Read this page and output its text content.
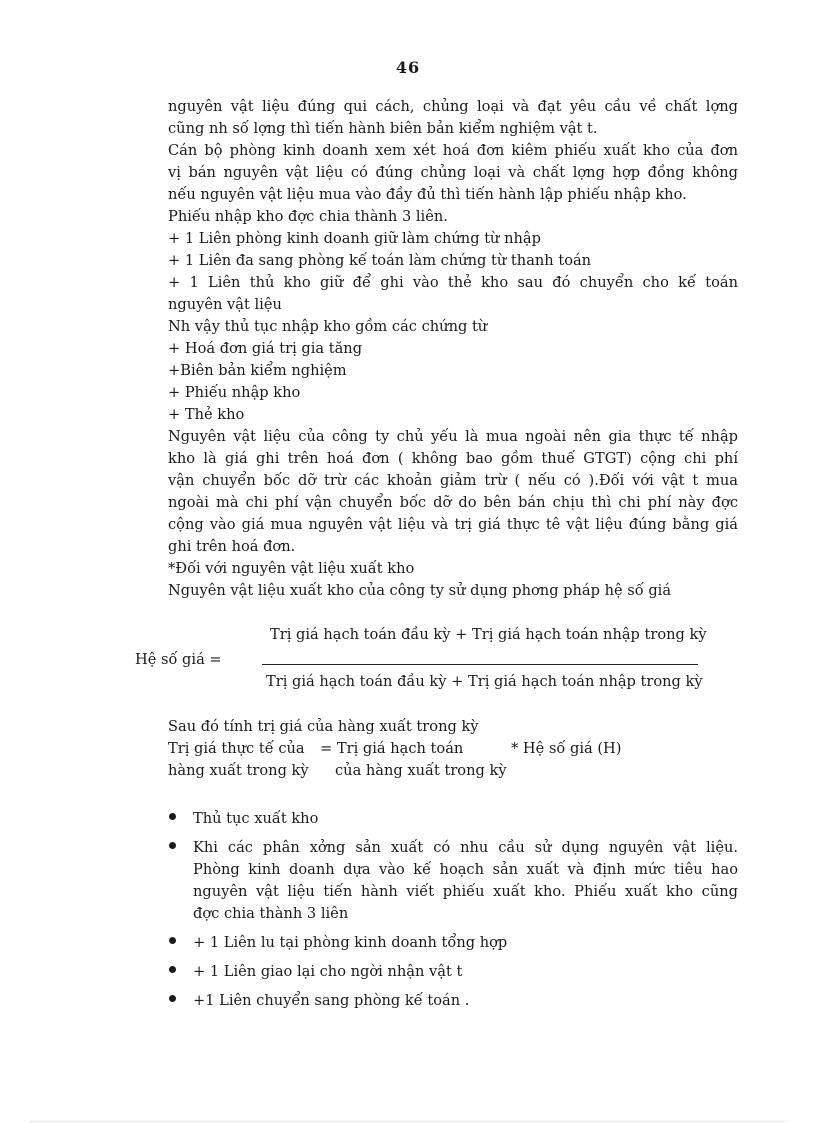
46
nguyên vật liệu đúng qui cách, chủng loại và đạt yêu cầu về chất lợng
cũng nh số lợng thì tiến hành biên bản kiểm nghiệm vật t.
Cán bộ phòng kinh doanh xem xét hoá đơn kiêm phiếu xuất kho của đơn
vị bán nguyên vật liệu có đúng chủng loại và chất lợng hợp đồng không
nếu nguyên vật liệu mua vào đầy đủ thì tiến hành lập phiếu nhập kho.
Phiếu nhập kho đợc chia thành 3 liên.
+ 1 Liên phòng kinh doanh giữ làm chứng từ nhập
+ 1 Liên đa sang phòng kế toán làm chứng từ thanh toán
+ 1 Liên thủ kho giữ để ghi vào thẻ kho sau đó chuyển cho kế toán
nguyên vật liệu
Nh vậy thủ tục nhập kho gồm các chứng từ
+ Hoá đơn giá trị gia tăng
+Biên bản kiểm nghiệm
+ Phiếu nhập kho
+ Thẻ kho
Nguyên vật liệu của công ty chủ yếu là mua ngoài nên gia thực tế nhập
kho là giá ghi trên hoá đơn ( không bao gồm thuế GTGT) cộng chi phí
vận chuyển bốc dỡ trừ các khoản giảm trừ ( nếu có ).Đối với vật t mua
ngoài mà chi phí vận chuyển bốc dỡ do bên bán chịu thì chi phí này đợc
cộng vào giá mua nguyên vật liệu và trị giá thực tê vật liệu đúng bằng giá
ghi trên hoá đơn.
*Đối với nguyên vật liệu xuất kho
Nguyên vật liệu xuất kho của công ty sử dụng phơng pháp hệ số giá
Hệ số giá =
Trị giá hạch toán đầu kỳ + Trị giá hạch toán nhập trong kỳ
Trị giá hạch toán đầu kỳ + Trị giá hạch toán nhập trong kỳ
Sau đó tính trị giá của hàng xuất trong kỳ
Trị giá thực tế của = Trị giá hạch toán	* Hệ số giá (H)
hàng xuất trong kỳ của hàng xuất trong kỳ
Thủ tục xuất kho
Khi các phân xởng sản xuất có nhu cầu sử dụng nguyên vật liệu.
Phòng kinh doanh dựa vào kế hoạch sản xuất và định mức tiêu hao
nguyên vật liệu tiến hành viết phiếu xuất kho. Phiếu xuất kho cũng
đợc chia thành 3 liên
+ 1 Liên lu tại phòng kinh doanh tổng hợp
+ 1 Liên giao lại cho ngời nhận vật t
+1 Liên chuyển sang phòng kế toán .
